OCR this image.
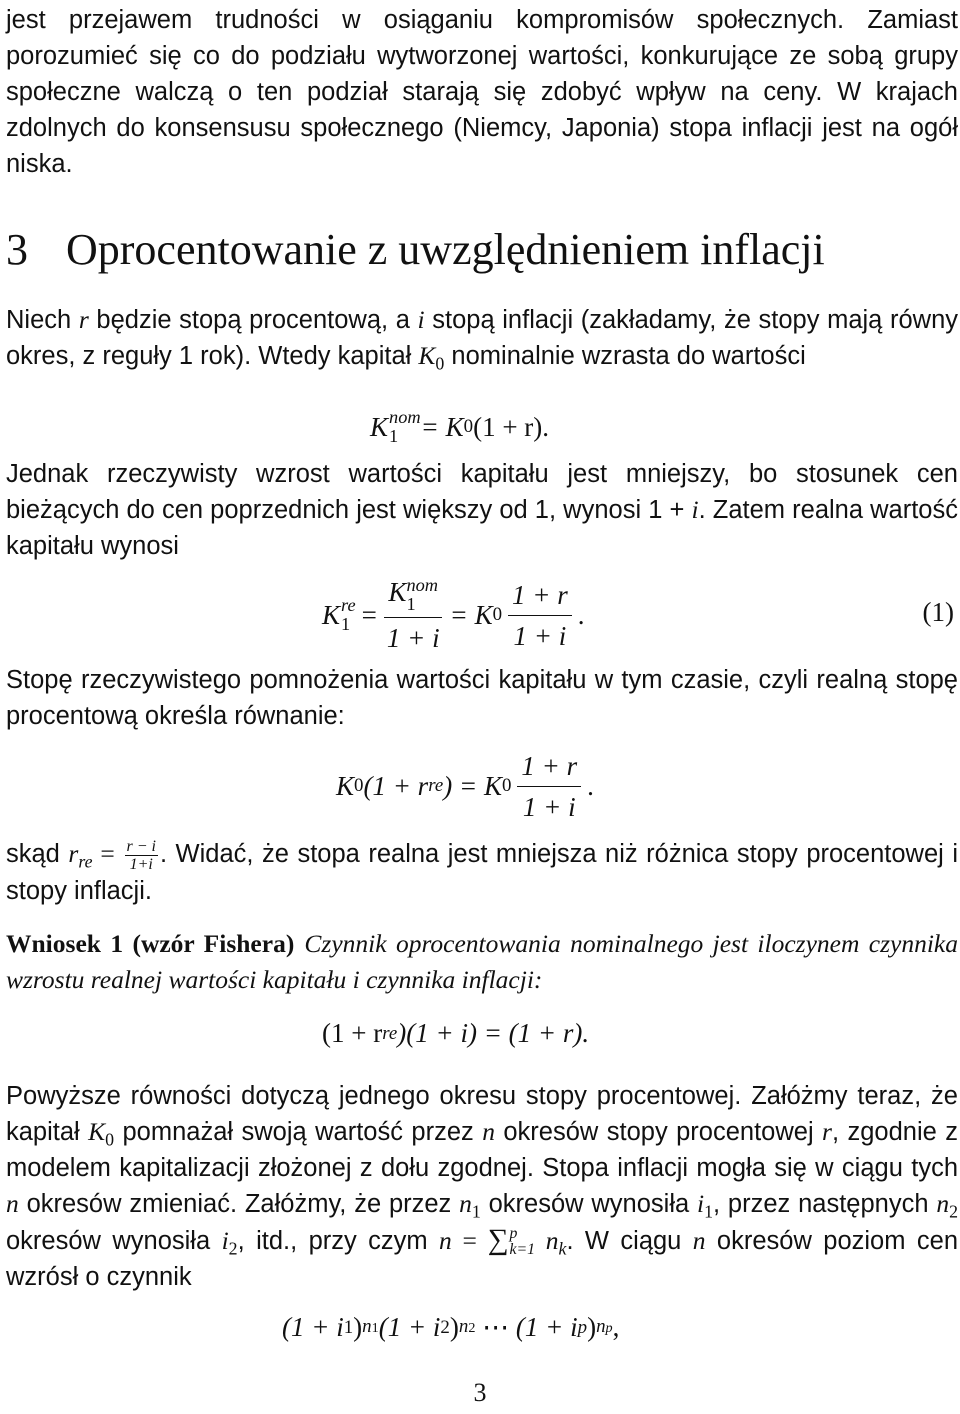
jest przejawem trudności w osiąganiu kompromisów społecznych. Zamiast porozumieć się co do podziału wytworzonej wartości, konkurujące ze sobą grupy społeczne walczą o ten podział starają się zdobyć wpływ na ceny. W krajach zdolnych do konsensusu społecznego (Niemcy, Japonia) stopa inflacji jest na ogół niska.
3 Oprocentowanie z uwzględnieniem inflacji
Niech r będzie stopą procentową, a i stopą inflacji (zakładamy, że stopy mają równy okres, z reguły 1 rok). Wtedy kapitał $K_0$ nominalnie wzrasta do wartości
K nom
1 = K 0 (1 + r).
Jednak rzeczywisty wzrost wartości kapitału jest mniejszy, bo stosunek cen bieżących do cen poprzednich jest większy od 1, wynosi 1 + i. Zatem realna wartość kapitału wynosi
K re
1 = K nom
1
1 + i = K $0 \frac{1 + r}{1 + i}$ .	(1)
Stopę rzeczywistego pomnożenia wartości kapitału w tym czasie, czyli realną stopę procentową określa równanie:
K 0 (1 + r re ) = K $0 \frac{1 + r}{1 + i}$ .
skąd $r_{re} = \frac{r - i}{1+i}$ . Widać, że stopa realna jest mniejsza niż różnica stopy procentowej i stopy inflacji.
Wniosek 1 (wzór Fishera) Czynnik oprocentowania nominalnego jest iloczynem czynnika wzrostu realnej wartości kapitału i czynnika inflacji:
(1 + r re )(1 + i) = (1 + r).
Powyższe równości dotyczą jednego okresu stopy procentowej. Załóżmy teraz, że kapitał $K_0$ pomnażał swoją wartość przez n okresów stopy procentowej r, zgodnie z modelem kapitalizacji złożonej z dołu zgodnej. Stopa inflacji mogła się w ciągu tych n okresów zmieniać. Załóżmy, że przez $n_1$ okresów wynosiła $i_1$, przez następnych $n_2$ okresów wynosiła $i_2$, itd., przy czym n = ∑ p
k=1 $n_k$. W ciągu n okresów poziom cen wzrósł o czynnik
(1 + i 1 ) n1 (1 + i 2 ) n2 ⋯ (1 + i p ) np ,
3
